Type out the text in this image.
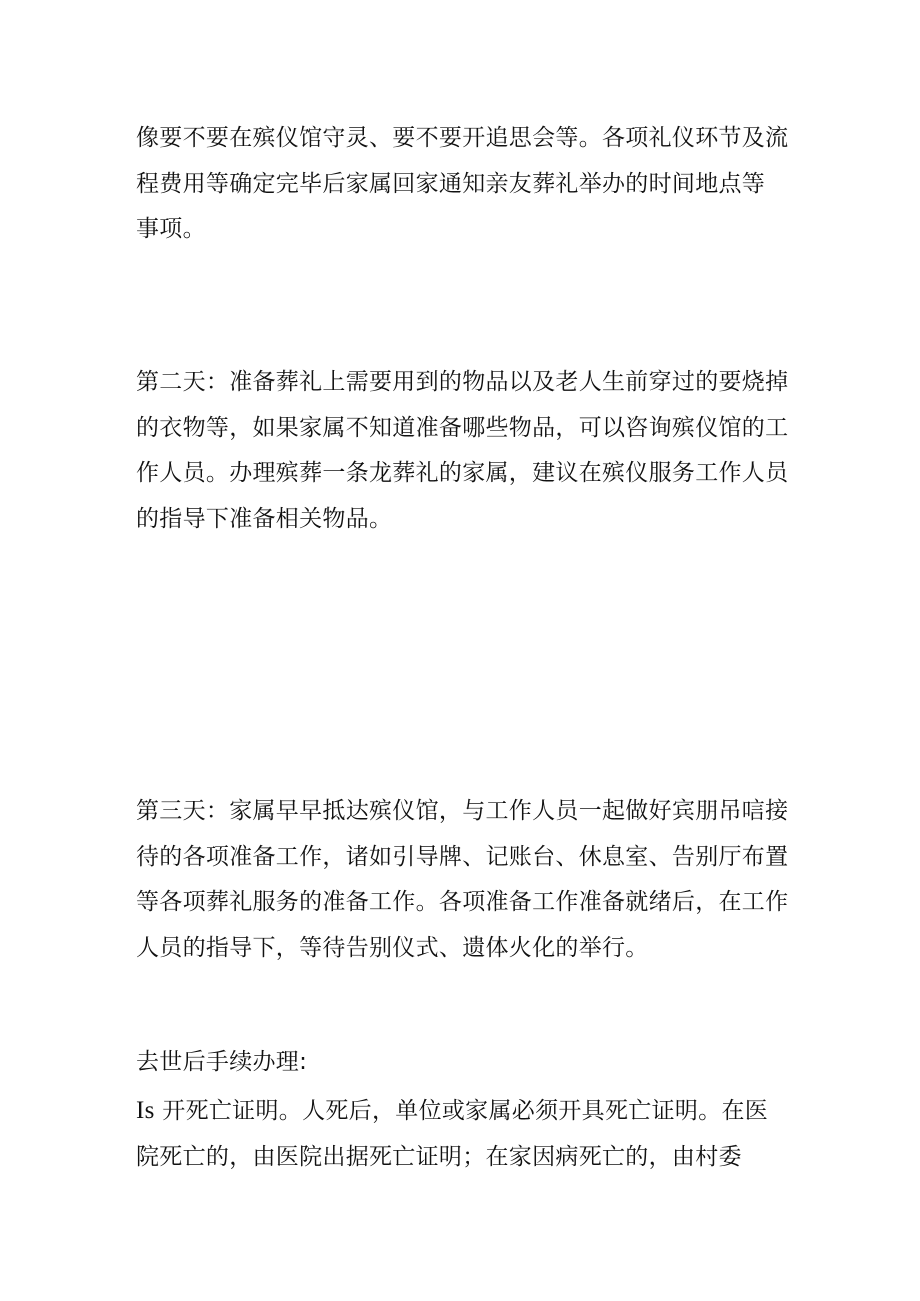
像要不要在殡仪馆守灵、要不要开追思会等。各项礼仪环节及流
程费用等确定完毕后家属回家通知亲友葬礼举办的时间地点等
事项。

第二天：准备葬礼上需要用到的物品以及老人生前穿过的要烧掉
的衣物等，如果家属不知道准备哪些物品，可以咨询殡仪馆的工
作人员。办理殡葬一条龙葬礼的家属，建议在殡仪服务工作人员
的指导下准备相关物品。

第三天：家属早早抵达殡仪馆，与工作人员一起做好宾朋吊唁接
待的各项准备工作，诸如引导牌、记账台、休息室、告别厅布置
等各项葬礼服务的准备工作。各项准备工作准备就绪后，在工作
人员的指导下，等待告别仪式、遗体火化的举行。

去世后手续办理:

Is 开死亡证明。人死后，单位或家属必须开具死亡证明。在医
院死亡的，由医院出据死亡证明；在家因病死亡的，由村委
